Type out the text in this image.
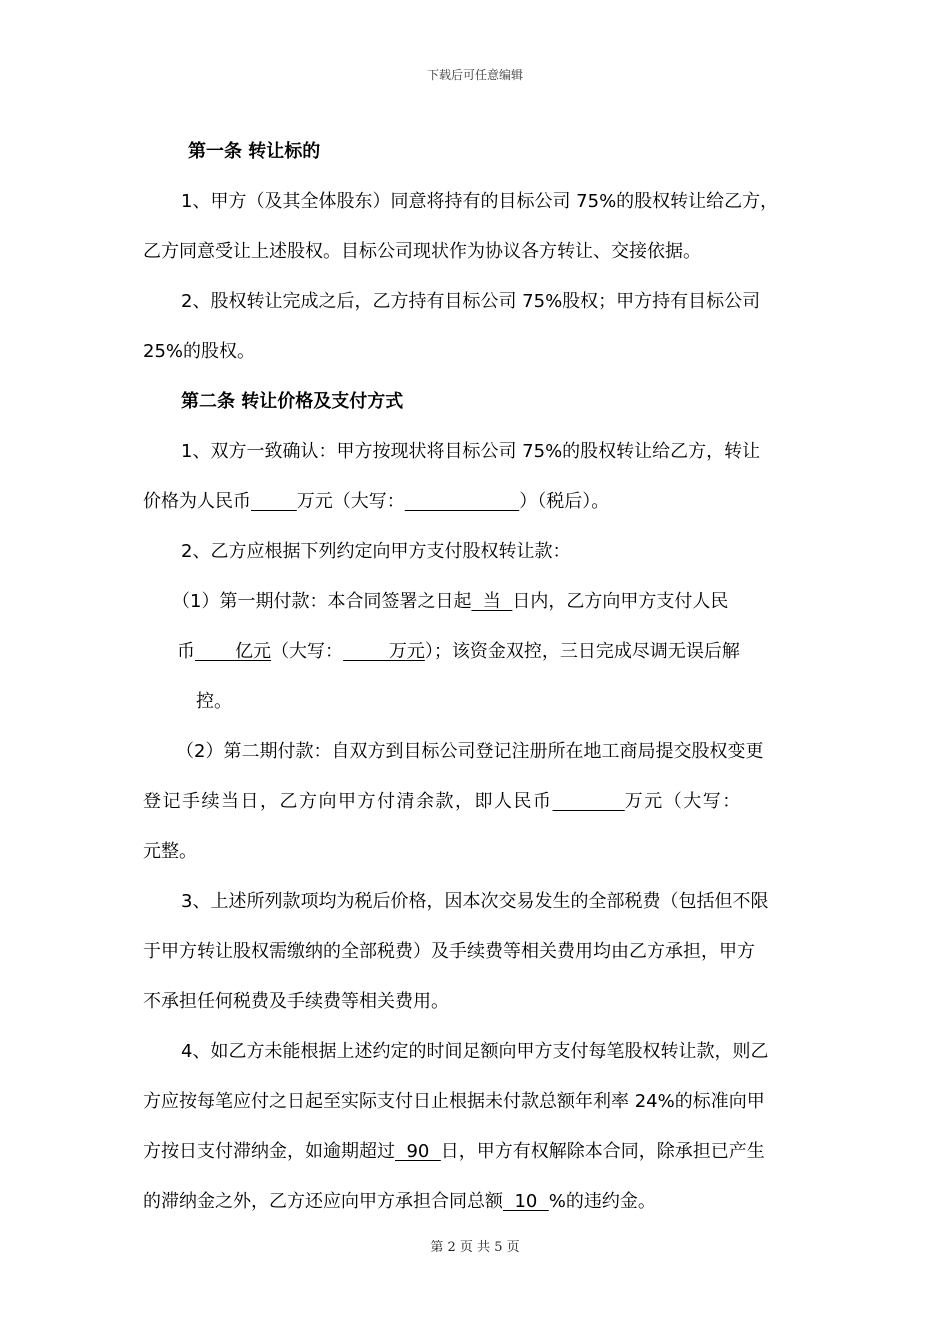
下载后可任意编辑
第一条 转让标的
1、甲方（及其全体股东）同意将持有的目标公司 75%的股权转让给乙方，
乙方同意受让上述股权。目标公司现状作为协议各方转让、交接依据。
2、股权转让完成之后，乙方持有目标公司 75%股权；甲方持有目标公司
25%的股权。
第二条 转让价格及支付方式
1、双方一致确认：甲方按现状将目标公司 75%的股权转让给乙方，转让
价格为人民币	万元（大写：	）（税后）。
2、乙方应根据下列约定向甲方支付股权转让款：
（1）第一期付款：本合同签署之日起  当  日内，乙方向甲方支付人民
币       亿元（大写：        万元）；该资金双控，三日完成尽调无误后解
控。
（2）第二期付款：自双方到目标公司登记注册所在地工商局提交股权变更
登记手续当日，乙方向甲方付清余款，即人民币	万元（大写：
元整。
3、上述所列款项均为税后价格，因本次交易发生的全部税费（包括但不限
于甲方转让股权需缴纳的全部税费）及手续费等相关费用均由乙方承担，甲方
不承担任何税费及手续费等相关费用。
4、如乙方未能根据上述约定的时间足额向甲方支付每笔股权转让款，则乙
方应按每笔应付之日起至实际支付日止根据未付款总额年利率 24%的标准向甲
方按日支付滞纳金，如逾期超过  90  日，甲方有权解除本合同，除承担已产生
的滞纳金之外，乙方还应向甲方承担合同总额  10  %的违约金。
第 2 页 共 5 页
